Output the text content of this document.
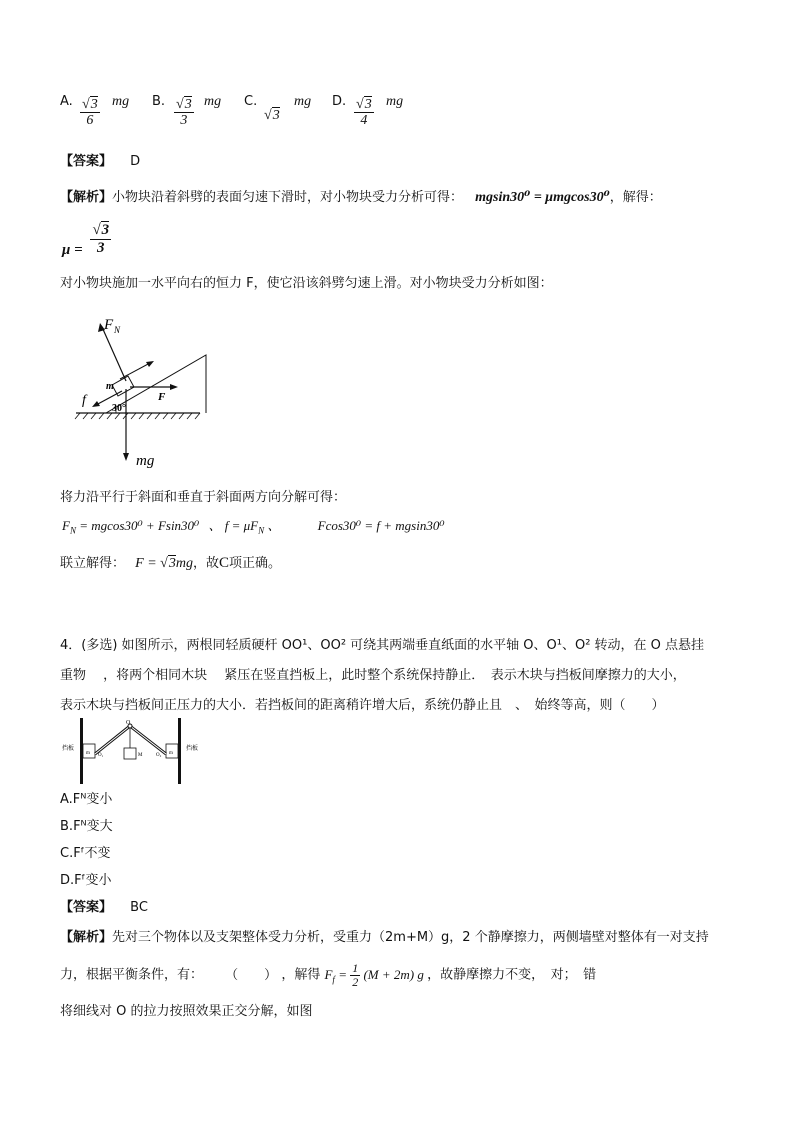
A. $\frac{√3}{6}$ mg B. $\frac{√3}{3}$ mg C.
√3
mg D. $\frac{√3}{4}$ mg
【答案】 D
【解析】小物块沿着斜劈的表面匀速下滑时，对小物块受力分析可得： mgsin30⁰ = μmgcos30⁰，解得：
$\mu = \frac{√3}{3}$
对小物块施加一水平向右的恒力 F，使它沿该斜劈匀速上滑。对小物块受力分析如图：
F N
m
f	F
30°
mg
将力沿平行于斜面和垂直于斜面两方向分解可得：
$F_N = mgcos30^0 + Fsin30^0$ 、 $f = \mu F_N$ 、	Fcos30⁰ = f + mgsin30⁰
联立解得： F = √3mg，故C项正确。
4．(多选) 如图所示，两根同轻质硬杆 OO¹、OO² 可绕其两端垂直纸面的水平轴 O、O¹、O² 转动，在 O 点悬挂
重物　 ，将两个相同木块　 紧压在竖直挡板上，此时整个系统保持静止．　表示木块与挡板间摩擦力的大小，
表示木块与挡板间正压力的大小．若挡板间的距离稍许增大后，系统仍静止且　、　始终等高，则（　　）
挡板	挡板
O
O₁	O₂
m	m
M
A.Fᴺ变小
B.Fᴺ变大
C.Fᶠ不变
D.Fᶠ变小
【答案】 BC
【解析】先对三个物体以及支架整体受力分析，受重力（2m+M）g，2 个静摩擦力，两侧墙壁对整体有一对支持
力，根据平衡条件，有： （　　） ，解得 $F_f = \frac{1}{2} (M + 2m)$ g ，故静摩擦力不变，　对；　错
将细线对 O 的拉力按照效果正交分解，如图
